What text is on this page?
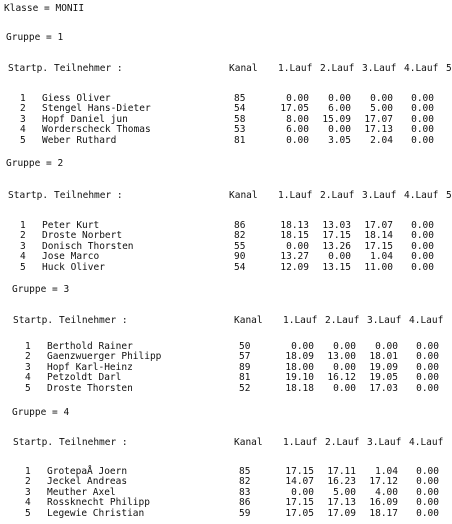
Klasse = MONII
Gruppe = 1
Startp. Teilnehmer :	Kanal 1.Lauf 2.Lauf 3.Lauf 4.Lauf 5
1 Giess Oliver	85	0.00	0.00	0.00	0.00
2 Stengel Hans-Dieter	54	17.05	6.00	5.00	0.00
3 Hopf Daniel jun	58	8.00	15.09	17.07	0.00
4 Worderscheck Thomas	53	6.00	0.00	17.13	0.00
5 Weber Ruthard	81	0.00	3.05	2.04	0.00
Gruppe = 2
Startp. Teilnehmer :	Kanal 1.Lauf 2.Lauf 3.Lauf 4.Lauf 5
1 Peter Kurt	86	18.13	13.03	17.07	0.00
2 Droste Norbert	82	18.15	17.15	18.14	0.00
3 Donisch Thorsten	55	0.00	13.26	17.15	0.00
4 Jose Marco	90	13.27	0.00	1.04	0.00
5 Huck Oliver	54	12.09	13.15	11.00	0.00
Gruppe = 3
Startp. Teilnehmer :	Kanal 1.Lauf 2.Lauf 3.Lauf 4.Lauf
1 Berthold Rainer	50	0.00	0.00	0.00	0.00
2 Gaenzwuerger Philipp	57	18.09	13.00	18.01	0.00
3 Hopf Karl-Heinz	89	18.00	0.00	19.09	0.00
4 Petzoldt Darl	81	19.10	16.12	19.05	0.00
5 Droste Thorsten	52	18.18	0.00	17.03	0.00
Gruppe = 4
Startp. Teilnehmer :	Kanal 1.Lauf 2.Lauf 3.Lauf 4.Lauf
1 GrotepaÅ Joern	85	17.15	17.11	1.04	0.00
2 Jeckel Andreas	82	14.07	16.23	17.12	0.00
3 Meuther Axel	83	0.00	5.00	4.00	0.00
4 Rossknecht Philipp	86	17.15	17.13	16.09	0.00
5 Legewie Christian	59	17.05	17.09	18.17	0.00
